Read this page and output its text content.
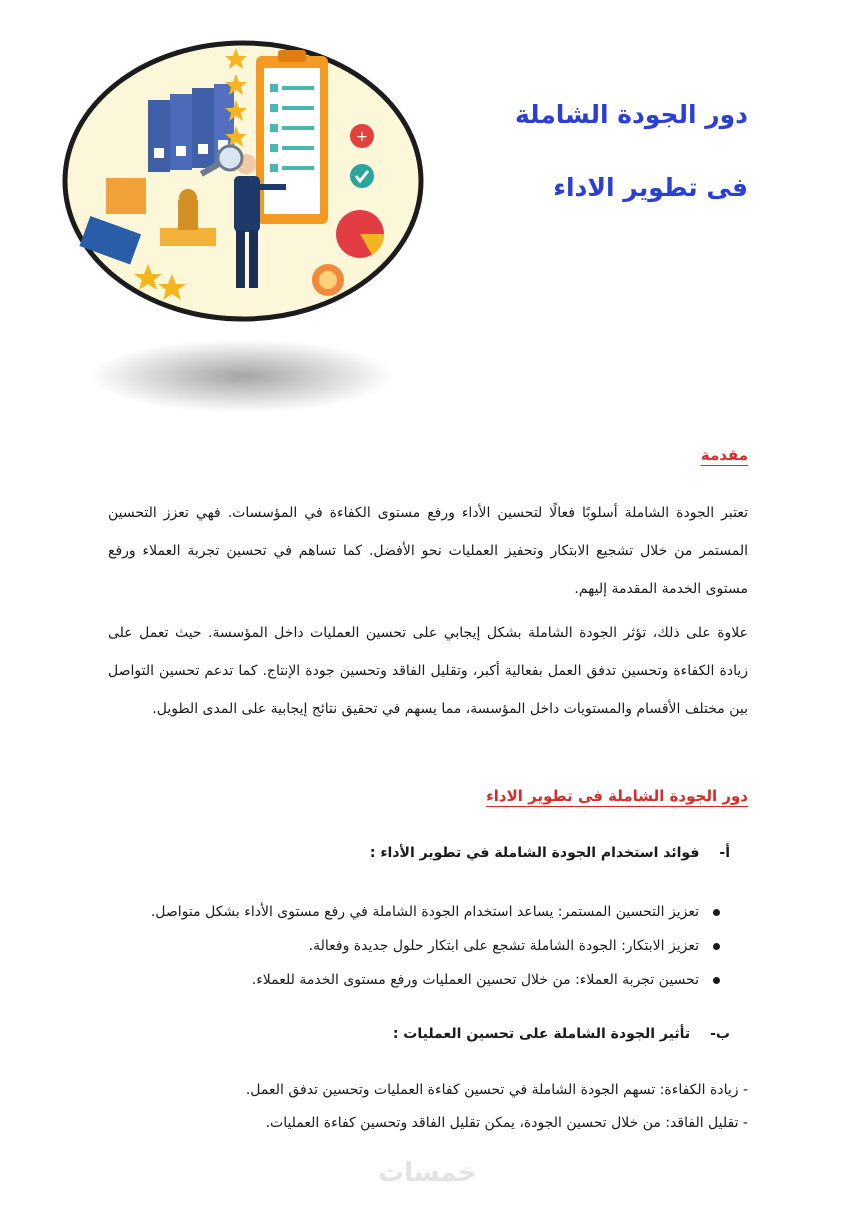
+
دور الجودة الشاملة
فى تطوير الاداء
مقدمة

تعتبر الجودة الشاملة أسلوبًا فعالًا لتحسين الأداء ورفع مستوى الكفاءة في المؤسسات. فهي تعزز التحسين المستمر من خلال تشجيع الابتكار وتحفيز العمليات نحو الأفضل. كما تساهم في تحسين تجربة العملاء ورفع مستوى الخدمة المقدمة إليهم.

علاوة على ذلك، تؤثر الجودة الشاملة بشكل إيجابي على تحسين العمليات داخل المؤسسة. حيث تعمل على زيادة الكفاءة وتحسين تدفق العمل بفعالية أكبر، وتقليل الفاقد وتحسين جودة الإنتاج. كما تدعم تحسين التواصل بين مختلف الأقسام والمستويات داخل المؤسسة، مما يسهم في تحقيق نتائج إيجابية على المدى الطويل.

دور الجودة الشاملة فى تطوير الاداء
أ-
فوائد استخدام الجودة الشاملة في تطوير الأداء :
تعزيز التحسين المستمر: يساعد استخدام الجودة الشاملة في رفع مستوى الأداء بشكل متواصل.
تعزيز الابتكار: الجودة الشاملة تشجع على ابتكار حلول جديدة وفعالة.
تحسين تجربة العملاء: من خلال تحسين العمليات ورفع مستوى الخدمة للعملاء.
ب-
تأثير الجودة الشاملة على تحسين العمليات :

- زيادة الكفاءة: تسهم الجودة الشاملة في تحسين كفاءة العمليات وتحسين تدفق العمل.

- تقليل الفاقد: من خلال تحسين الجودة، يمكن تقليل الفاقد وتحسين كفاءة العمليات.

خمسات
